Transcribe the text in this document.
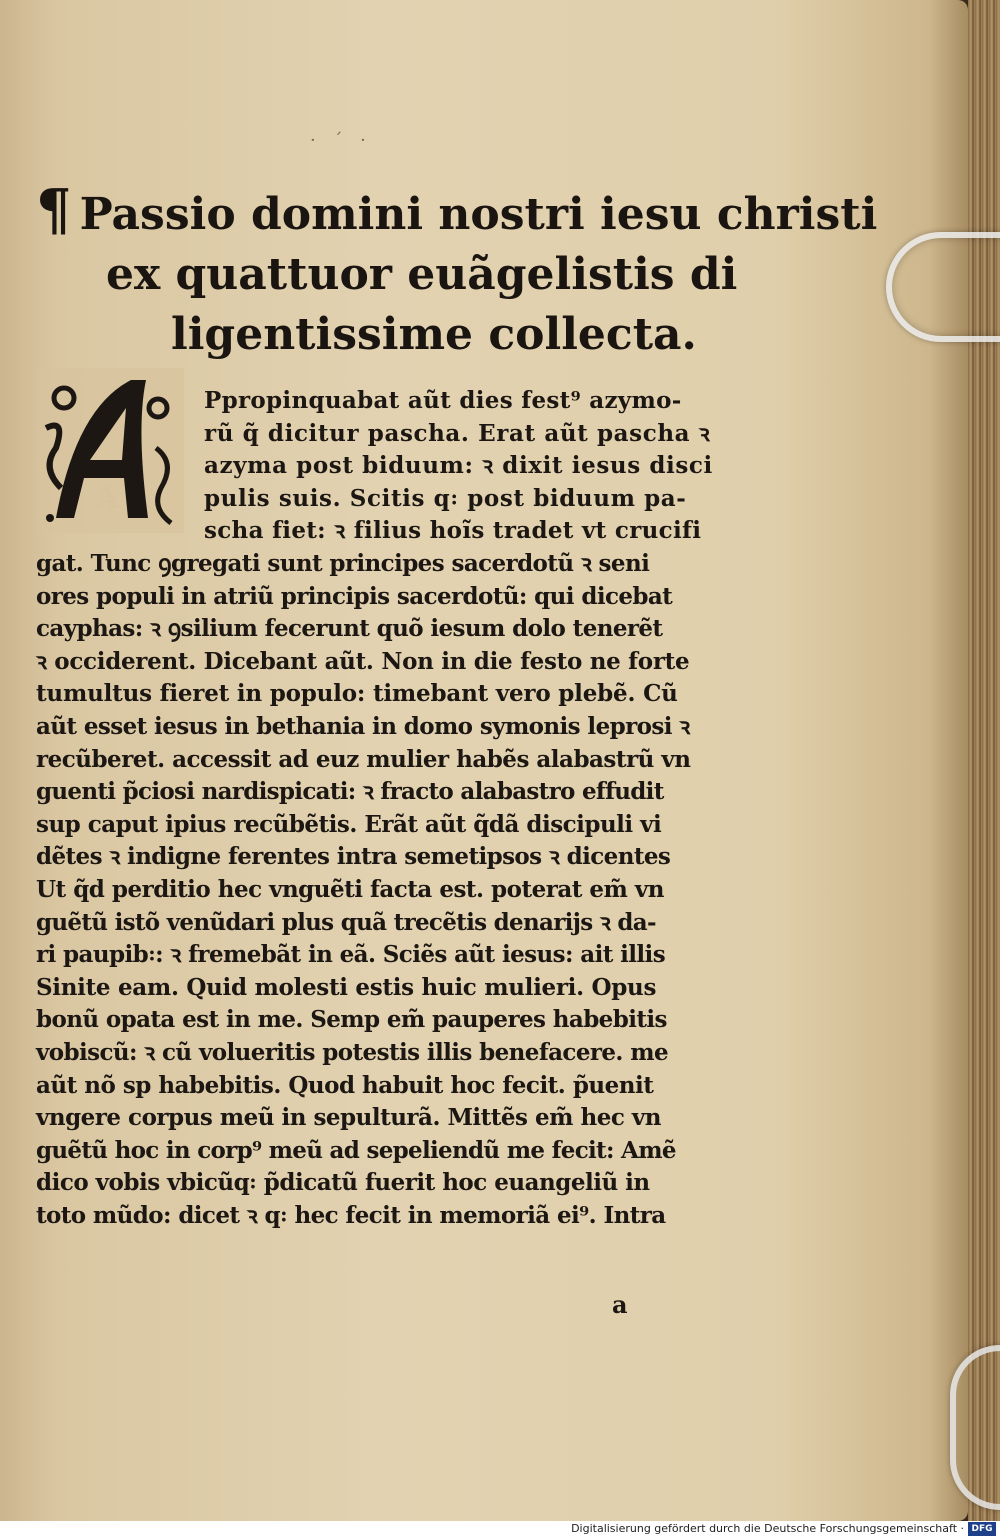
· ´ ·
¶ Passio domini nostri iesu christi
ex quattuor euãgelistis di
ligentissime collecta.
A
Ppropinquabat aũt dies fest⁹ azymo-
rũ q̃ dicitur pascha. Erat aũt pascha ꝛ
azyma post biduum: ꝛ dixit iesus disci
pulis suis. Scitis q꞉ post biduum pa-
scha fiet: ꝛ filius hoĩs tradet vt crucifi
gat. Tunc ꝯgregati sunt principes sacerdotũ ꝛ seni
ores populi in atriũ principis sacerdotũ: qui dicebat
cayphas: ꝛ ꝯsilium fecerunt quõ iesum dolo tenerẽt
ꝛ occiderent. Dicebant aũt. Non in die festo ne forte
tumultus fieret in populo: timebant vero plebẽ. Cũ
aũt esset iesus in bethania in domo symonis leprosi ꝛ
recũberet. accessit ad euz mulier habẽs alabastrũ vn
guenti p̃ciosi nardispicati: ꝛ fracto alabastro effudit
sup caput ipius recũbẽtis. Erãt aũt q̃dã discipuli vi
dẽtes ꝛ indigne ferentes intra semetipsos ꝛ dicentes
Ut q̃d perditio hec vnguẽti facta est. poterat em̃ vn
guẽtũ istõ venũdari plus quã trecẽtis denarijs ꝛ da-
ri paupib꞉: ꝛ fremebãt in eã. Sciẽs aũt iesus: ait illis
Sinite eam. Quid molesti estis huic mulieri. Opus
bonũ opata est in me. Semp em̃ pauperes habebitis
vobiscũ: ꝛ cũ volueritis potestis illis benefacere. me
aũt nõ sp habebitis. Quod habuit hoc fecit. p̃uenit
vngere corpus meũ in sepulturã. Mittẽs em̃ hec vn
guẽtũ hoc in corp⁹ meũ ad sepeliendũ me fecit: Amẽ
dico vobis vbicũq꞉ p̃dicatũ fuerit hoc euangeliũ in
toto mũdo: dicet ꝛ q꞉ hec fecit in memoriã ei⁹. Intra
a
Digitalisierung gefördert durch die Deutsche Forschungsgemeinschaft · DFG
